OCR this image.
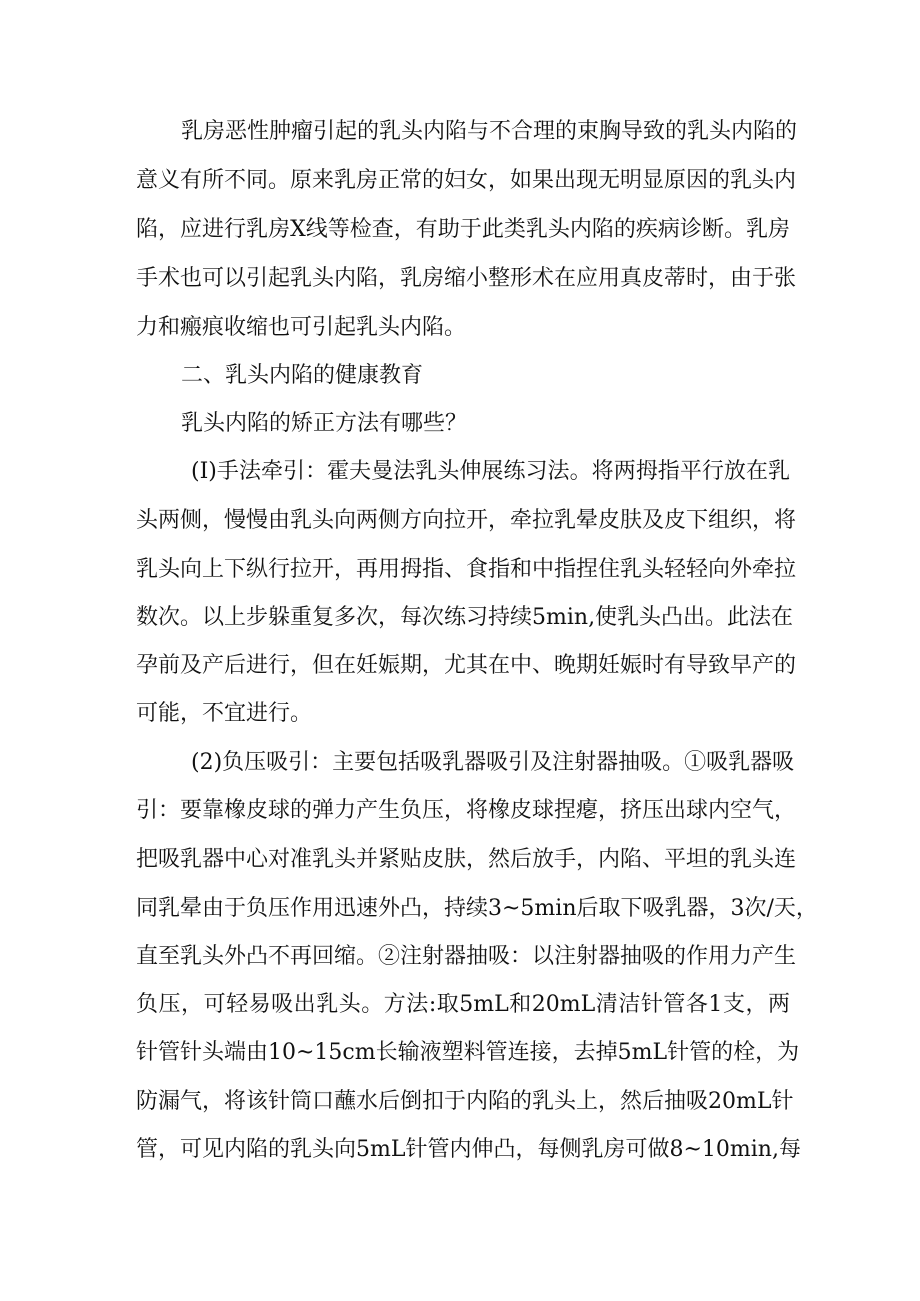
乳房恶性肿瘤引起的乳头内陷与不合理的束胸导致的乳头内陷的
意义有所不同。原来乳房正常的妇女，如果出现无明显原因的乳头内
陷，应进行乳房X线等检查，有助于此类乳头内陷的疾病诊断。乳房
手术也可以引起乳头内陷，乳房缩小整形术在应用真皮蒂时，由于张
力和瘢痕收缩也可引起乳头内陷。
二、乳头内陷的健康教育
乳头内陷的矫正方法有哪些？
(I)手法牵引：霍夫曼法乳头伸展练习法。将两拇指平行放在乳
头两侧，慢慢由乳头向两侧方向拉开，牵拉乳晕皮肤及皮下组织，将
乳头向上下纵行拉开，再用拇指、食指和中指捏住乳头轻轻向外牵拉
数次。以上步躲重复多次，每次练习持续5min,使乳头凸出。此法在
孕前及产后进行，但在妊娠期，尤其在中、晚期妊娠时有导致早产的
可能，不宜进行。
(2)负压吸引：主要包括吸乳器吸引及注射器抽吸。①吸乳器吸
引：要靠橡皮球的弹力产生负压，将橡皮球捏瘪，挤压出球内空气，
把吸乳器中心对准乳头并紧贴皮肤，然后放手，内陷、平坦的乳头连
同乳晕由于负压作用迅速外凸，持续3~5min后取下吸乳器，3次/天，
直至乳头外凸不再回缩。②注射器抽吸：以注射器抽吸的作用力产生
负压，可轻易吸出乳头。方法:取5mL和20mL清洁针管各1支，两
针管针头端由10~15cm长输液塑料管连接，去掉5mL针管的栓，为
防漏气，将该针筒口蘸水后倒扣于内陷的乳头上，然后抽吸20mL针
管，可见内陷的乳头向5mL针管内伸凸，每侧乳房可做8~10min,每
